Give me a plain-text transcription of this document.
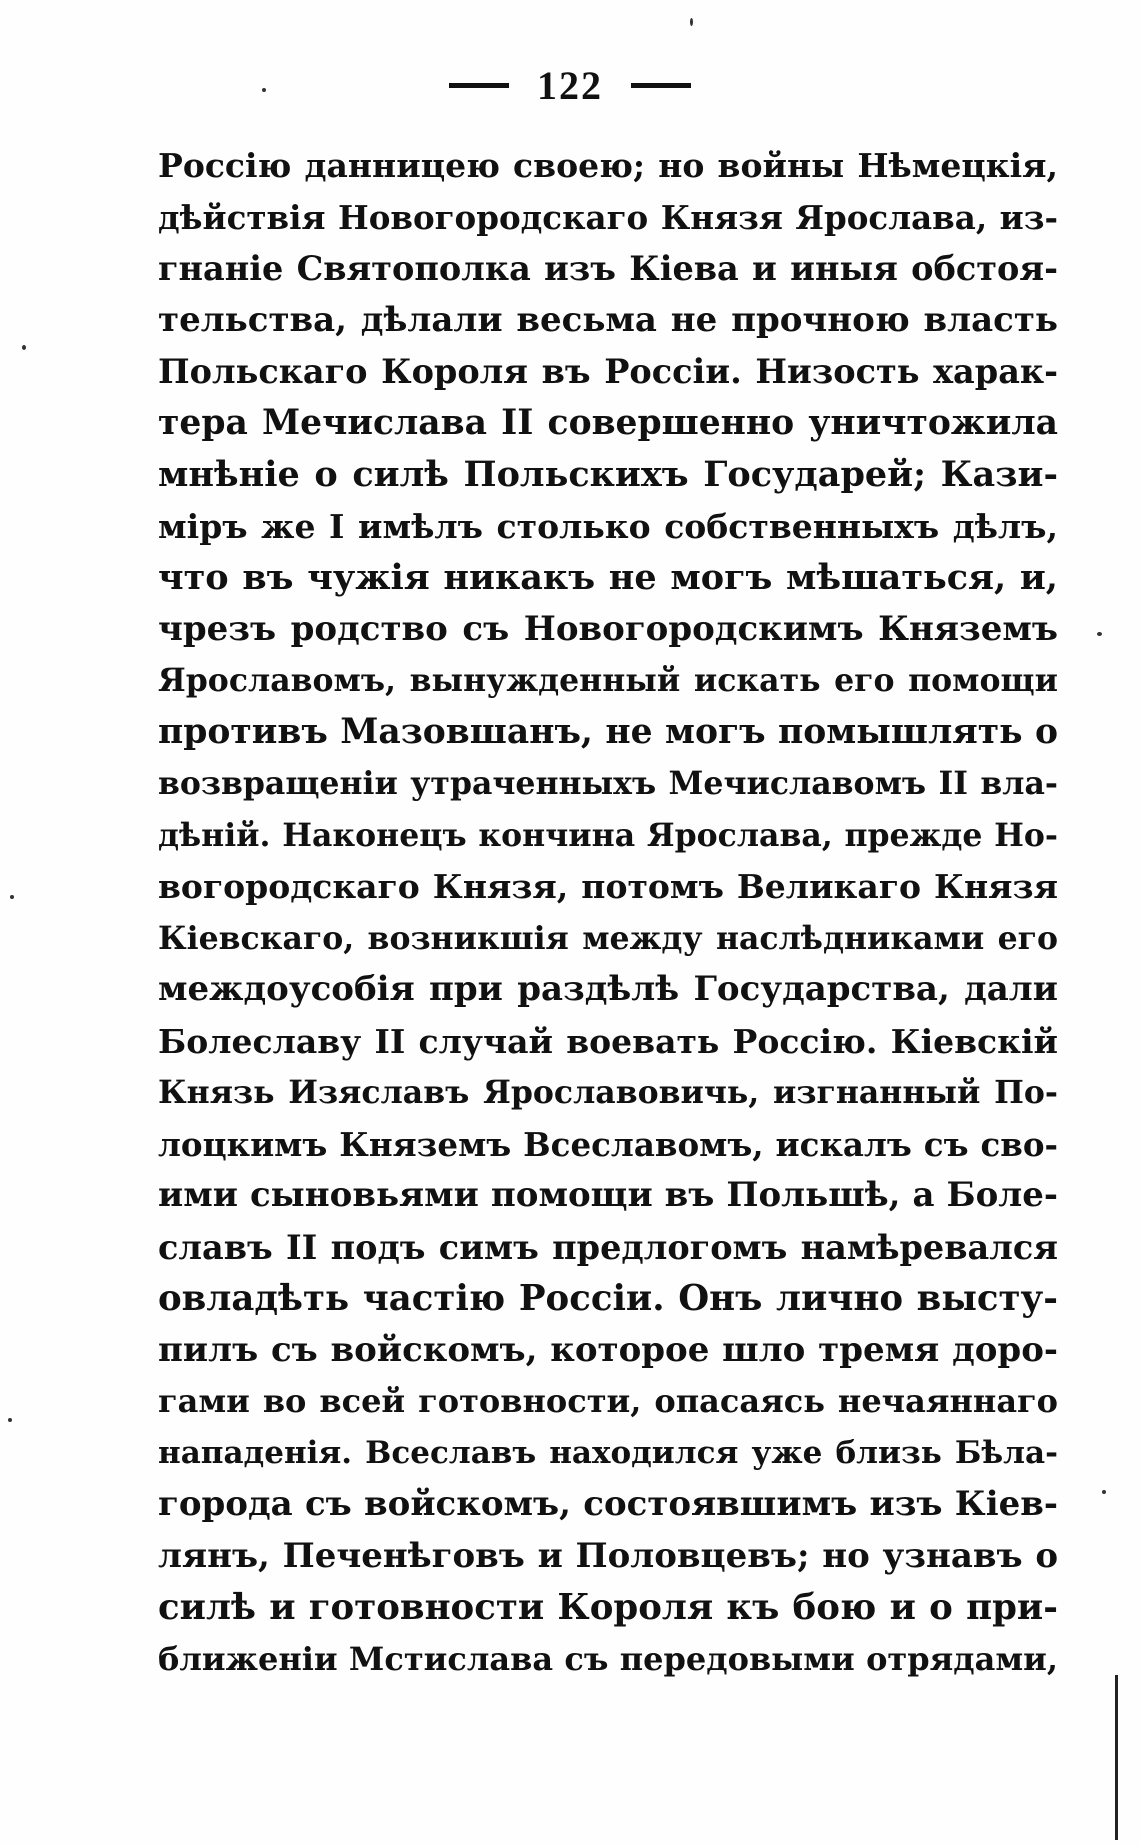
122
Россію данницею своею; но войны Нѣмецкія,
дѣйствія Новогородскаго Князя Ярослава, из-
гнаніе Святополка изъ Кіева и иныя обстоя-
тельства, дѣлали весьма не прочною власть
Польскаго Короля въ Россіи. Низость харак-
тера Мечислава II совершенно уничтожила
мнѣніе о силѣ Польскихъ Государей; Кази-
міръ же I имѣлъ столько собственныхъ дѣлъ,
что въ чужія никакъ не могъ мѣшаться, и,
чрезъ родство съ Новогородскимъ Княземъ
Ярославомъ, вынужденный искать его помощи
противъ Мазовшанъ, не могъ помышлять о
возвращеніи утраченныхъ Мечиславомъ II вла-
дѣній. Наконецъ кончина Ярослава, прежде Но-
вогородскаго Князя, потомъ Великаго Князя
Кіевскаго, возникшія между наслѣдниками его
междоусобія при раздѣлѣ Государства, дали
Болеславу II случай воевать Россію. Кіевскій
Князь Изяславъ Ярославовичь, изгнанный По-
лоцкимъ Княземъ Всеславомъ, искалъ съ сво-
ими сыновьями помощи въ Польшѣ, а Боле-
славъ II подъ симъ предлогомъ намѣревался
овладѣть частію Россіи. Онъ лично высту-
пилъ съ войскомъ, которое шло тремя доро-
гами во всей готовности, опасаясь нечаяннаго
нападенія. Всеславъ находился уже близь Бѣла-
города съ войскомъ, состоявшимъ изъ Кіев-
лянъ, Печенѣговъ и Половцевъ; но узнавъ о
силѣ и готовности Короля къ бою и о при-
ближеніи Мстислава съ передовыми отрядами,
